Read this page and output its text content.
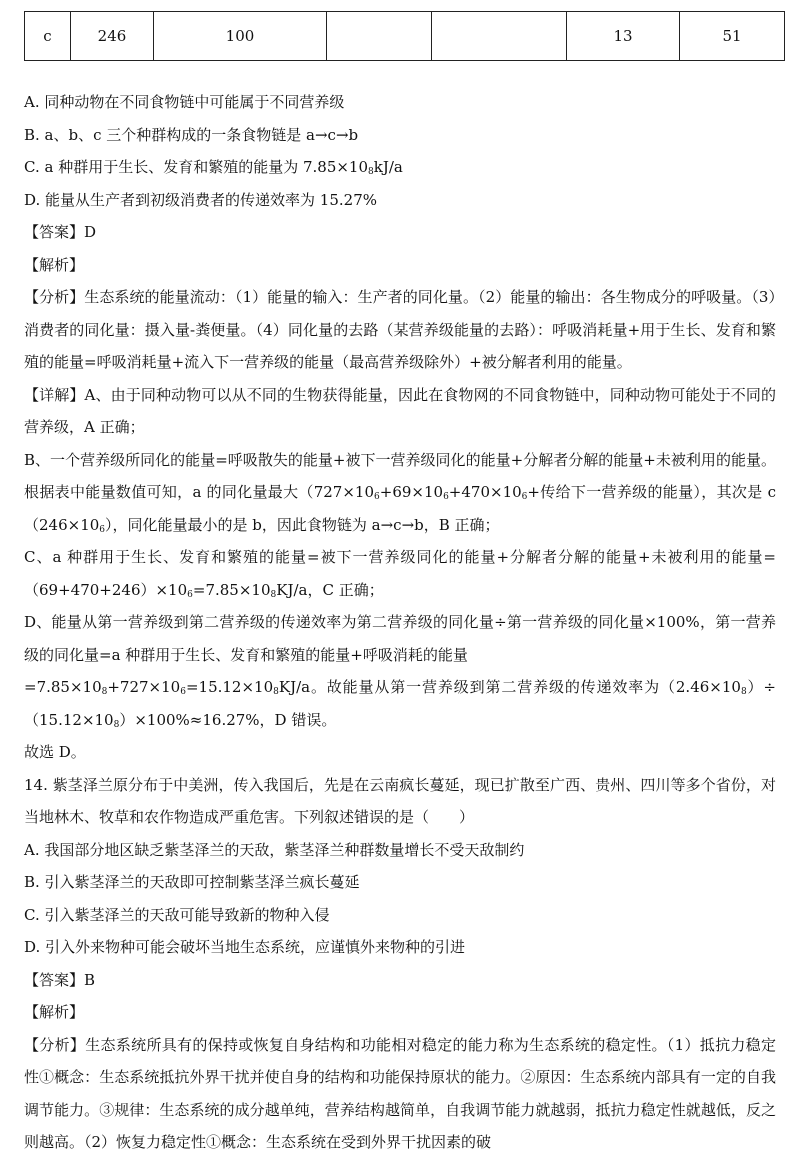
c	246	100			13	51

A. 同种动物在不同食物链中可能属于不同营养级

B. a、b、c 三个种群构成的一条食物链是 a→c→b

C. a 种群用于生长、发育和繁殖的能量为 $7.85\times 10_8kJ/a$

D. 能量从生产者到初级消费者的传递效率为 15.27%

【答案】D

【解析】

【分析】生态系统的能量流动：（1）能量的输入：生产者的同化量。（2）能量的输出：各生物成分的呼吸量。（3）消费者的同化量：摄入量-粪便量。（4）同化量的去路（某营养级能量的去路）：呼吸消耗量+用于生长、发育和繁殖的能量=呼吸消耗量+流入下一营养级的能量（最高营养级除外）+被分解者利用的能量。

【详解】A、由于同种动物可以从不同的生物获得能量，因此在食物网的不同食物链中，同种动物可能处于不同的营养级，A 正确；

B、一个营养级所同化的能量=呼吸散失的能量+被下一营养级同化的能量+分解者分解的能量+未被利用的能量。根据表中能量数值可知，a 的同化量最大（$727\times 10_6+69\times 10_6+470\times 10_6+$传给下一营养级的能量），其次是 $c(246\times 10_6)$，同化能量最小的是 b，因此食物链为 a→c→b，B 正确；

C、a 种群用于生长、发育和繁殖的能量=被下一营养级同化的能量+分解者分解的能量+未被利用的能量$=(69+470+246)\times 10_6=7.85\times 10_8KJ/a$，C 正确；

D、能量从第一营养级到第二营养级的传递效率为第二营养级的同化量÷第一营养级的同化量×100%，第一营养级的同化量=a 种群用于生长、发育和繁殖的能量+呼吸消耗的能量

$=7.85\times 10_8+727\times 10_6=15.12\times 10_8KJ/a$。故能量从第一营养级到第二营养级的传递效率为$(2.46\times 10_8)\div(15.12\times 10_8)\times 100\%\approx 16.27\%$，D 错误。

故选 D。

14. 紫茎泽兰原分布于中美洲，传入我国后，先是在云南疯长蔓延，现已扩散至广西、贵州、四川等多个省份，对当地林木、牧草和农作物造成严重危害。下列叙述错误的是（　　）

A. 我国部分地区缺乏紫茎泽兰的天敌，紫茎泽兰种群数量增长不受天敌制约

B. 引入紫茎泽兰的天敌即可控制紫茎泽兰疯长蔓延

C. 引入紫茎泽兰的天敌可能导致新的物种入侵

D. 引入外来物种可能会破坏当地生态系统，应谨慎外来物种的引进

【答案】B

【解析】

【分析】生态系统所具有的保持或恢复自身结构和功能相对稳定的能力称为生态系统的稳定性。（1）抵抗力稳定性①概念：生态系统抵抗外界干扰并使自身的结构和功能保持原状的能力。②原因：生态系统内部具有一定的自我调节能力。③规律：生态系统的成分越单纯，营养结构越简单，自我调节能力就越弱，抵抗力稳定性就越低，反之则越高。（2）恢复力稳定性①概念：生态系统在受到外界干扰因素的破
